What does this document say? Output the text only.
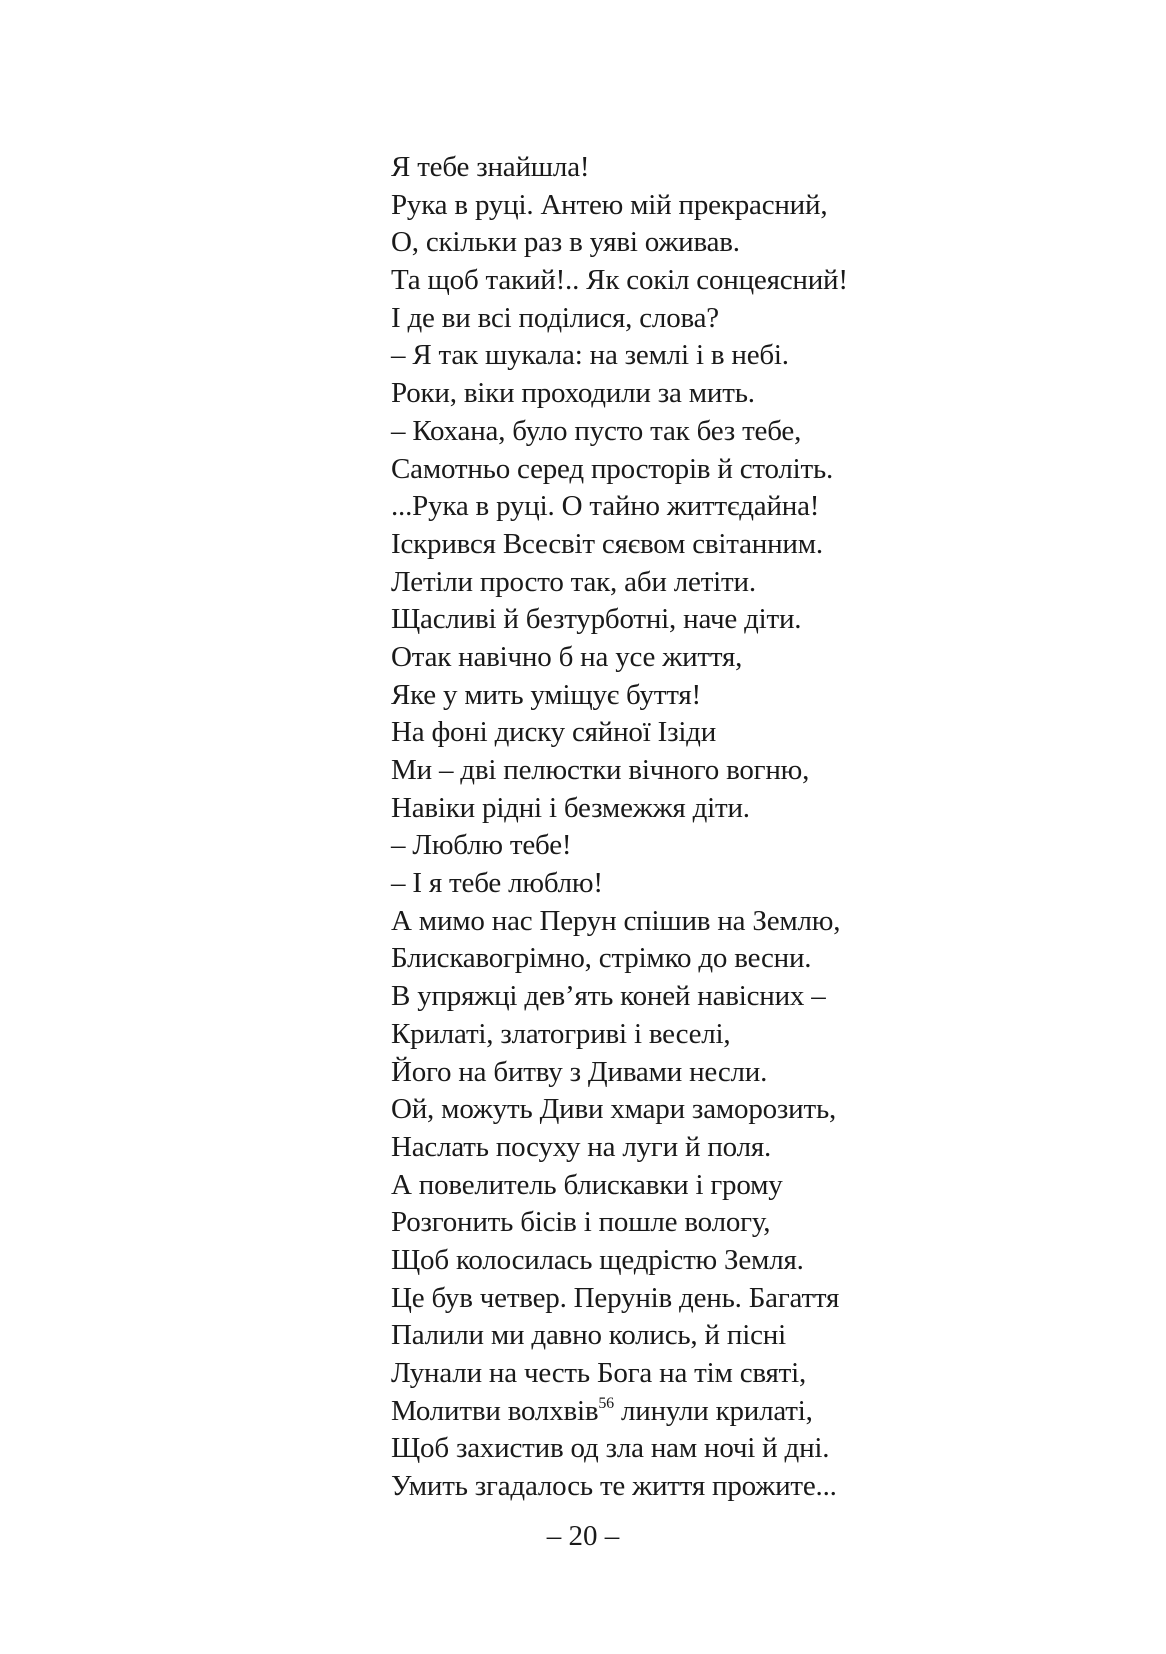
Я тебе знайшла!
Рука в руці. Антею мій прекрасний,
О, скільки раз в уяві оживав.
Та щоб такий!.. Як сокіл сонцеясний!
І де ви всі поділися, слова?
– Я так шукала: на землі і в небі.
Роки, віки проходили за мить.
– Кохана, було пусто так без тебе,
Самотньо серед просторів й століть.
...Рука в руці. О тайно життєдайна!
Іскрився Всесвіт сяєвом світанним.
Летіли просто так, аби летіти.
Щасливі й безтурботні, наче діти.
Отак навічно б на усе життя,
Яке у мить уміщує буття!
На фоні диску сяйної Ізіди
Ми – дві пелюстки вічного вогню,
Навіки рідні і безмежжя діти.
– Люблю тебе!
– І я тебе люблю!
А мимо нас Перун спішив на Землю,
Блискавогрімно, стрімко до весни.
В упряжці дев’ять коней навісних –
Крилаті, златогриві і веселі,
Його на битву з Дивами несли.
Ой, можуть Диви хмари заморозить,
Наслать посуху на луги й поля.
А повелитель блискавки і грому
Розгонить бісів і пошле вологу,
Щоб колосилась щедрістю Земля.
Це був четвер. Перунів день. Багаття
Палили ми давно колись, й пісні
Лунали на честь Бога на тім святі,
Молитви волхвів$^{56}$ линули крилаті,
Щоб захистив од зла нам ночі й дні.
Умить згадалось те життя прожите...
– 20 –
